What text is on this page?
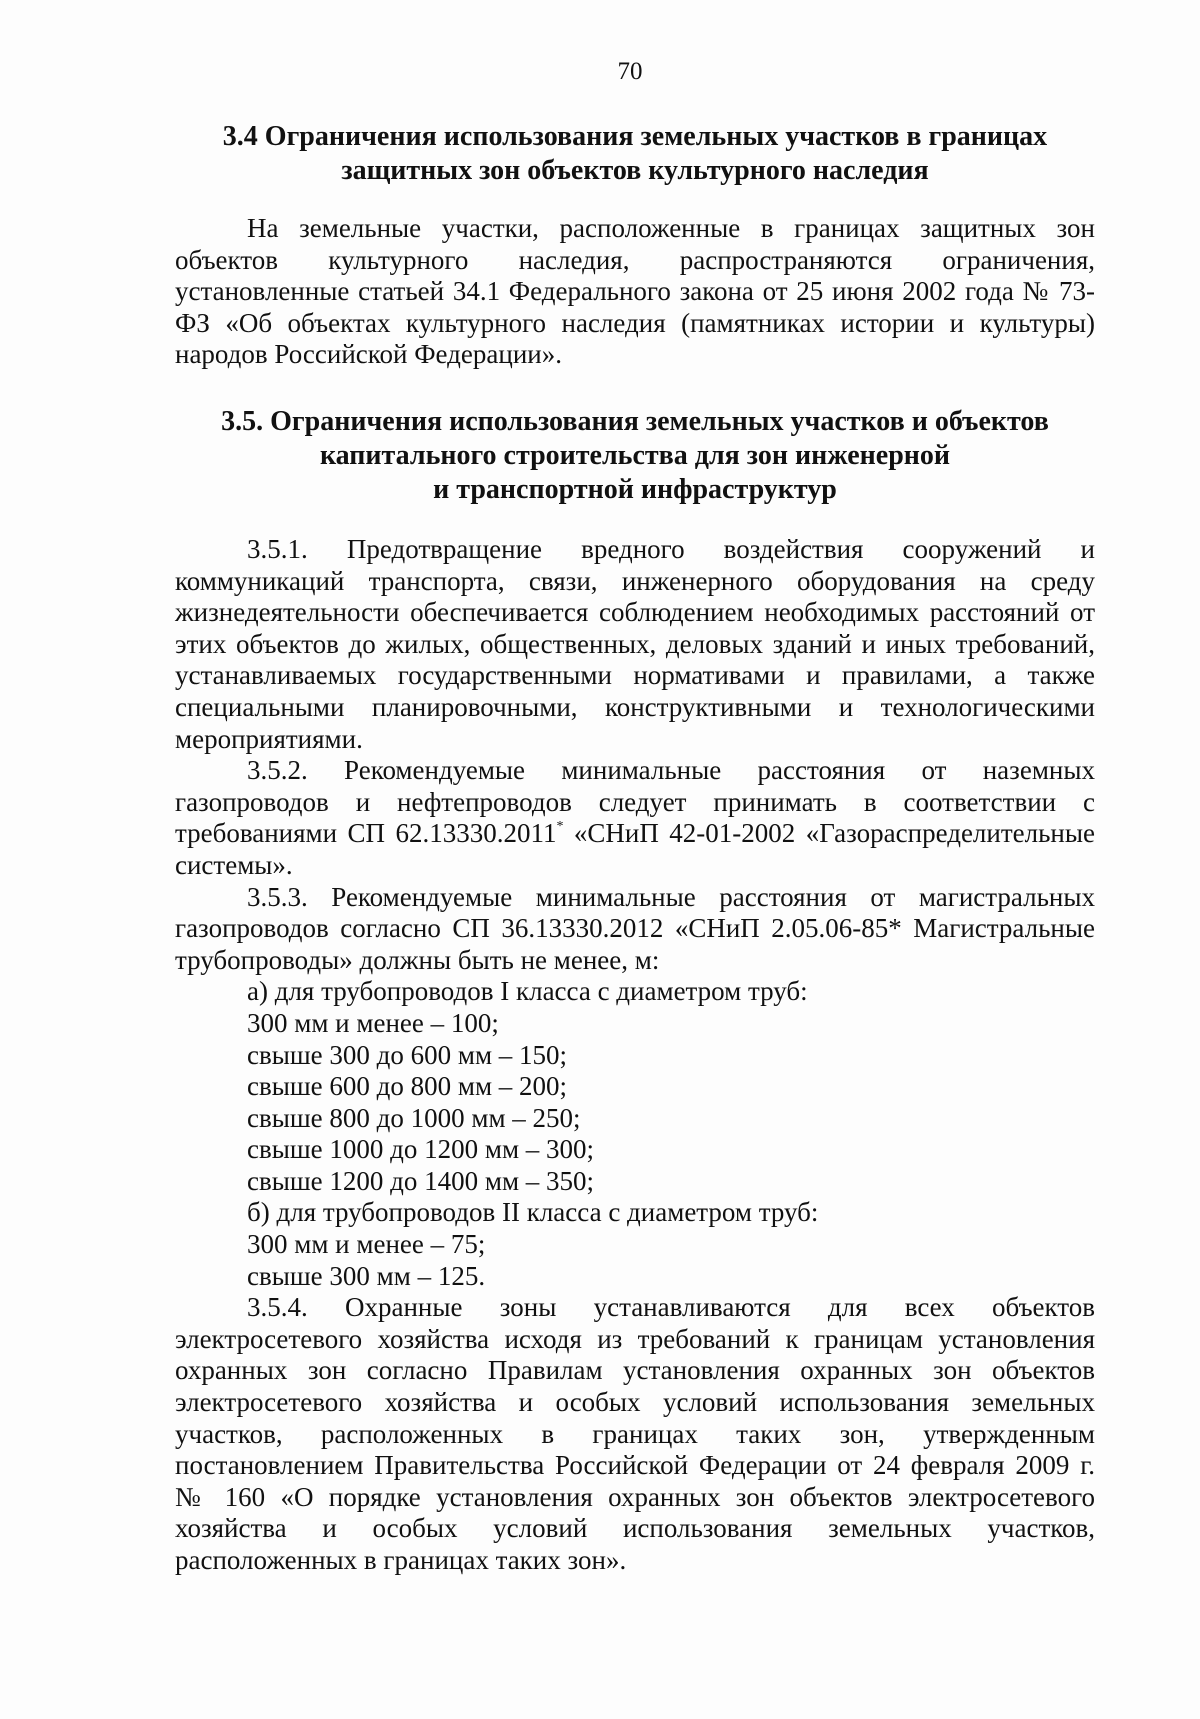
70
3.4 Ограничения использования земельных участков в границах
защитных зон объектов культурного наследия

На земельные участки, расположенные в границах защитных зон объектов культурного наследия, распространяются ограничения, установленные статьей 34.1 Федерального закона от 25 июня 2002 года № 73-ФЗ «Об объектах культурного наследия (памятниках истории и культуры) народов Российской Федерации».

3.5. Ограничения использования земельных участков и объектов
капитального строительства для зон инженерной
и транспортной инфраструктур

3.5.1. Предотвращение вредного воздействия сооружений и коммуникаций транспорта, связи, инженерного оборудования на среду жизнедеятельности обеспечивается соблюдением необходимых расстояний от этих объектов до жилых, общественных, деловых зданий и иных требований, устанавливаемых государственными нормативами и правилами, а также специальными планировочными, конструктивными и технологическими мероприятиями.

3.5.2. Рекомендуемые минимальные расстояния от наземных газопроводов и нефтепроводов следует принимать в соответствии с требованиями СП 62.13330.2011* «СНиП 42-01-2002 «Газораспределительные системы».

3.5.3. Рекомендуемые минимальные расстояния от магистральных газопроводов согласно СП 36.13330.2012 «СНиП 2.05.06-85* Магистральные трубопроводы» должны быть не менее, м:

а) для трубопроводов I класса с диаметром труб:

300 мм и менее – 100;

свыше 300 до 600 мм – 150;

свыше 600 до 800 мм – 200;

свыше 800 до 1000 мм – 250;

свыше 1000 до 1200 мм – 300;

свыше 1200 до 1400 мм – 350;

б) для трубопроводов II класса с диаметром труб:

300 мм и менее – 75;

свыше 300 мм – 125.

3.5.4. Охранные зоны устанавливаются для всех объектов электросетевого хозяйства исходя из требований к границам установления охранных зон согласно Правилам установления охранных зон объектов электросетевого хозяйства и особых условий использования земельных участков, расположенных в границах таких зон, утвержденным постановлением Правительства Российской Федерации от 24 февраля 2009 г. № 160 «О порядке установления охранных зон объектов электросетевого хозяйства и особых условий использования земельных участков, расположенных в границах таких зон».
